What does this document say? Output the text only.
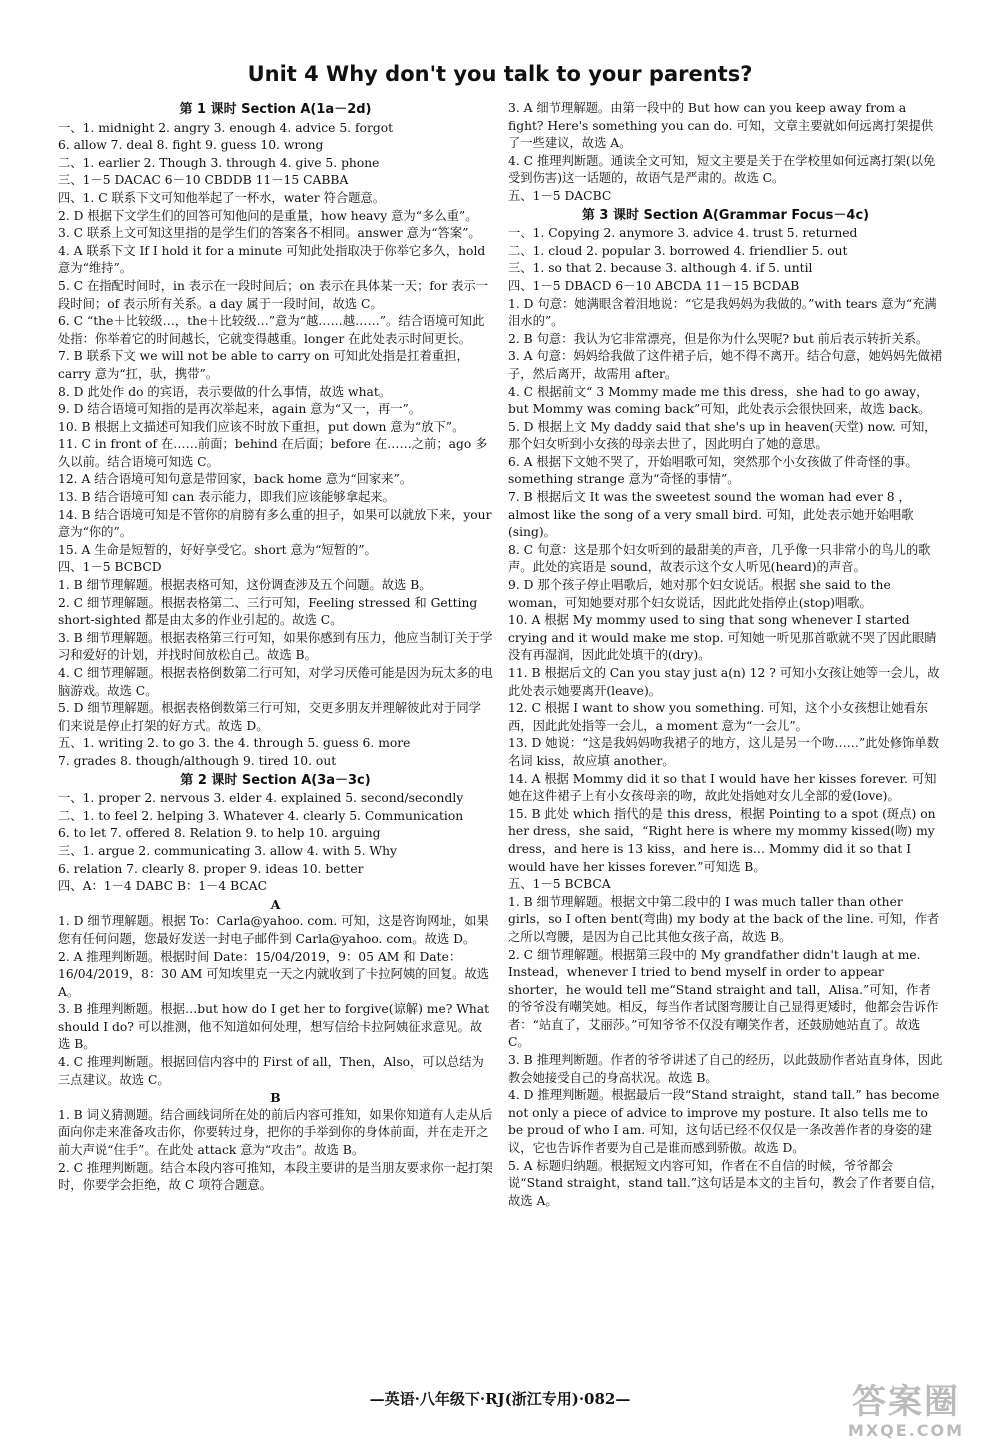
Unit 4 Why don't you talk to your parents?
第 1 课时 Section A(1a－2d)
一、1. midnight 2. angry 3. enough 4. advice 5. forgot
6. allow 7. deal 8. fight 9. guess 10. wrong
二、1. earlier 2. Though 3. through 4. give 5. phone
三、1－5 DACAC 6－10 CBDDB 11－15 CABBA
四、1. C 联系下文可知他举起了一杯水，water 符合题意。
2. D 根据下文学生们的回答可知他问的是重量，how heavy 意为“多么重”。
3. C 联系上文可知这里指的是学生们的答案各不相同。answer 意为“答案”。
4. A 联系下文 If I hold it for a minute 可知此处指取决于你举它多久，hold 意为“维持”。
5. C 在指配时间时，in 表示在一段时间后；on 表示在具体某一天；for 表示一段时间；of 表示所有关系。a day 属于一段时间，故选 C。
6. C “the＋比较级…，the＋比较级…”意为“越……越……”。结合语境可知此处指：你举着它的时间越长，它就变得越重。longer 在此处表示时间更长。
7. B 联系下文 we will not be able to carry on 可知此处指是扛着重担，carry 意为“扛，驮，携带”。
8. D 此处作 do 的宾语，表示要做的什么事情，故选 what。
9. D 结合语境可知指的是再次举起来，again 意为“又一，再一”。
10. B 根据上文描述可知我们应该不时放下重担，put down 意为“放下”。
11. C in front of 在……前面；behind 在后面；before 在……之前；ago 多久以前。结合语境可知选 C。
12. A 结合语境可知句意是带回家，back home 意为“回家来”。
13. B 结合语境可知 can 表示能力，即我们应该能够拿起来。
14. B 结合语境可知是不管你的肩膀有多么重的担子，如果可以就放下来，your 意为“你的”。
15. A 生命是短暂的，好好享受它。short 意为“短暂的”。
四、1－5 BCBCD
1. B 细节理解题。根据表格可知，这份调查涉及五个问题。故选 B。
2. C 细节理解题。根据表格第二、三行可知，Feeling stressed 和 Getting short-sighted 都是由太多的作业引起的。故选 C。
3. B 细节理解题。根据表格第三行可知，如果你感到有压力，他应当制订关于学习和爱好的计划，并找时间放松自己。故选 B。
4. C 细节理解题。根据表格倒数第二行可知，对学习厌倦可能是因为玩太多的电脑游戏。故选 C。
5. D 细节理解题。根据表格倒数第三行可知，交更多朋友并理解彼此对于同学们来说是停止打架的好方式。故选 D。
五、1. writing 2. to go 3. the 4. through 5. guess 6. more
7. grades 8. though/although 9. tired 10. out
第 2 课时 Section A(3a－3c)
一、1. proper 2. nervous 3. elder 4. explained 5. second/secondly
二、1. to feel 2. helping 3. Whatever 4. clearly 5. Communication
6. to let 7. offered 8. Relation 9. to help 10. arguing
三、1. argue 2. communicating 3. allow 4. with 5. Why
6. relation 7. clearly 8. proper 9. ideas 10. better
四、A：1－4 DABC B：1－4 BCAC
A
1. D 细节理解题。根据 To：Carla@yahoo. com. 可知，这是咨询网址，如果您有任何问题，您最好发送一封电子邮件到 Carla@yahoo. com。故选 D。
2. A 推理判断题。根据时间 Date：15/04/2019，9：05 AM 和 Date：16/04/2019，8：30 AM 可知埃里克一天之内就收到了卡拉阿姨的回复。故选 A。
3. B 推理判断题。根据…but how do I get her to forgive(谅解) me? What should I do? 可以推测，他不知道如何处理，想写信给卡拉阿姨征求意见。故选 B。
4. C 推理判断题。根据回信内容中的 First of all，Then，Also，可以总结为三点建议。故选 C。
B
1. B 词义猜测题。结合画线词所在处的前后内容可推知，如果你知道有人走从后面向你走来准备攻击你，你要转过身，把你的手举到你的身体前面，并在走开之前大声说“住手”。在此处 attack 意为“攻击”。故选 B。
2. C 推理判断题。结合本段内容可推知，本段主要讲的是当朋友要求你一起打架时，你要学会拒绝，故 C 项符合题意。
3. A 细节理解题。由第一段中的 But how can you keep away from a fight? Here's something you can do. 可知，文章主要就如何远离打架提供了一些建议，故选 A。
4. C 推理判断题。通读全文可知，短文主要是关于在学校里如何远离打架(以免受到伤害)这一话题的，故语气是严肃的。故选 C。
五、1－5 DACBC
第 3 课时 Section A(Grammar Focus－4c)
一、1. Copying 2. anymore 3. advice 4. trust 5. returned
二、1. cloud 2. popular 3. borrowed 4. friendlier 5. out
三、1. so that 2. because 3. although 4. if 5. until
四、1－5 DBACD 6－10 ABCDA 11－15 BCDAB
1. D 句意：她满眼含着泪地说：“它是我妈妈为我做的。”with tears 意为“充满泪水的”。
2. B 句意：我认为它非常漂亮，但是你为什么哭呢? but 前后表示转折关系。
3. A 句意：妈妈给我做了这件裙子后，她不得不离开。结合句意，她妈妈先做裙子，然后离开，故需用 after。
4. C 根据前文“ 3 Mommy made me this dress，she had to go away，but Mommy was coming back”可知，此处表示会很快回来，故选 back。
5. D 根据上文 My daddy said that she's up in heaven(天堂) now. 可知，那个妇女听到小女孩的母亲去世了，因此明白了她的意思。
6. A 根据下文她不哭了，开始唱歌可知，突然那个小女孩做了件奇怪的事。something strange 意为“奇怪的事情”。
7. B 根据后文 It was the sweetest sound the woman had ever 8 ，almost like the song of a very small bird. 可知，此处表示她开始唱歌(sing)。
8. C 句意：这是那个妇女听到的最甜美的声音，几乎像一只非常小的鸟儿的歌声。此处的宾语是 sound，故表示这个女人听见(heard)的声音。
9. D 那个孩子停止唱歌后，她对那个妇女说话。根据 she said to the woman，可知她要对那个妇女说话，因此此处指停止(stop)唱歌。
10. A 根据 My mommy used to sing that song whenever I started crying and it would make me stop. 可知她一听见那首歌就不哭了因此眼睛没有再湿润，因此此处填干的(dry)。
11. B 根据后文的 Can you stay just a(n) 12 ? 可知小女孩让她等一会儿，故此处表示她要离开(leave)。
12. C 根据 I want to show you something. 可知，这个小女孩想让她看东西，因此此处指等一会儿，a moment 意为“一会儿”。
13. D 她说：“这是我妈妈吻我裙子的地方，这儿是另一个吻……”此处修饰单数名词 kiss，故应填 another。
14. A 根据 Mommy did it so that I would have her kisses forever. 可知她在这件裙子上有小女孩母亲的吻，故此处指她对女儿全部的爱(love)。
15. B 此处 which 指代的是 this dress，根据 Pointing to a spot (斑点) on her dress，she said，“Right here is where my mommy kissed(吻) my dress，and here is 13 kiss，and here is… Mommy did it so that I would have her kisses forever.”可知选 B。
五、1－5 BCBCA
1. B 细节理解题。根据文中第二段中的 I was much taller than other girls，so I often bent(弯曲) my body at the back of the line. 可知，作者之所以弯腰，是因为自己比其他女孩子高，故选 B。
2. C 细节理解题。根据第三段中的 My grandfather didn't laugh at me. Instead，whenever I tried to bend myself in order to appear shorter，he would tell me“Stand straight and tall，Alisa.”可知，作者的爷爷没有嘲笑她。相反，每当作者试图弯腰让自己显得更矮时，他都会告诉作者：“站直了，艾丽莎。”可知爷爷不仅没有嘲笑作者，还鼓励她站直了。故选 C。
3. B 推理判断题。作者的爷爷讲述了自己的经历，以此鼓励作者站直身体，因此教会她接受自己的身高状况。故选 B。
4. D 推理判断题。根据最后一段“Stand straight，stand tall.” has become not only a piece of advice to improve my posture. It also tells me to be proud of who I am. 可知，这句话已经不仅仅是一条改善作者的身姿的建议，它也告诉作者要为自己是谁而感到骄傲。故选 D。
5. A 标题归纳题。根据短文内容可知，作者在不自信的时候，爷爷都会说“Stand straight，stand tall.”这句话是本文的主旨句，教会了作者要自信，故选 A。
—英语·八年级下·RJ(浙江专用)·082—	答案圈
MXQE.COM
